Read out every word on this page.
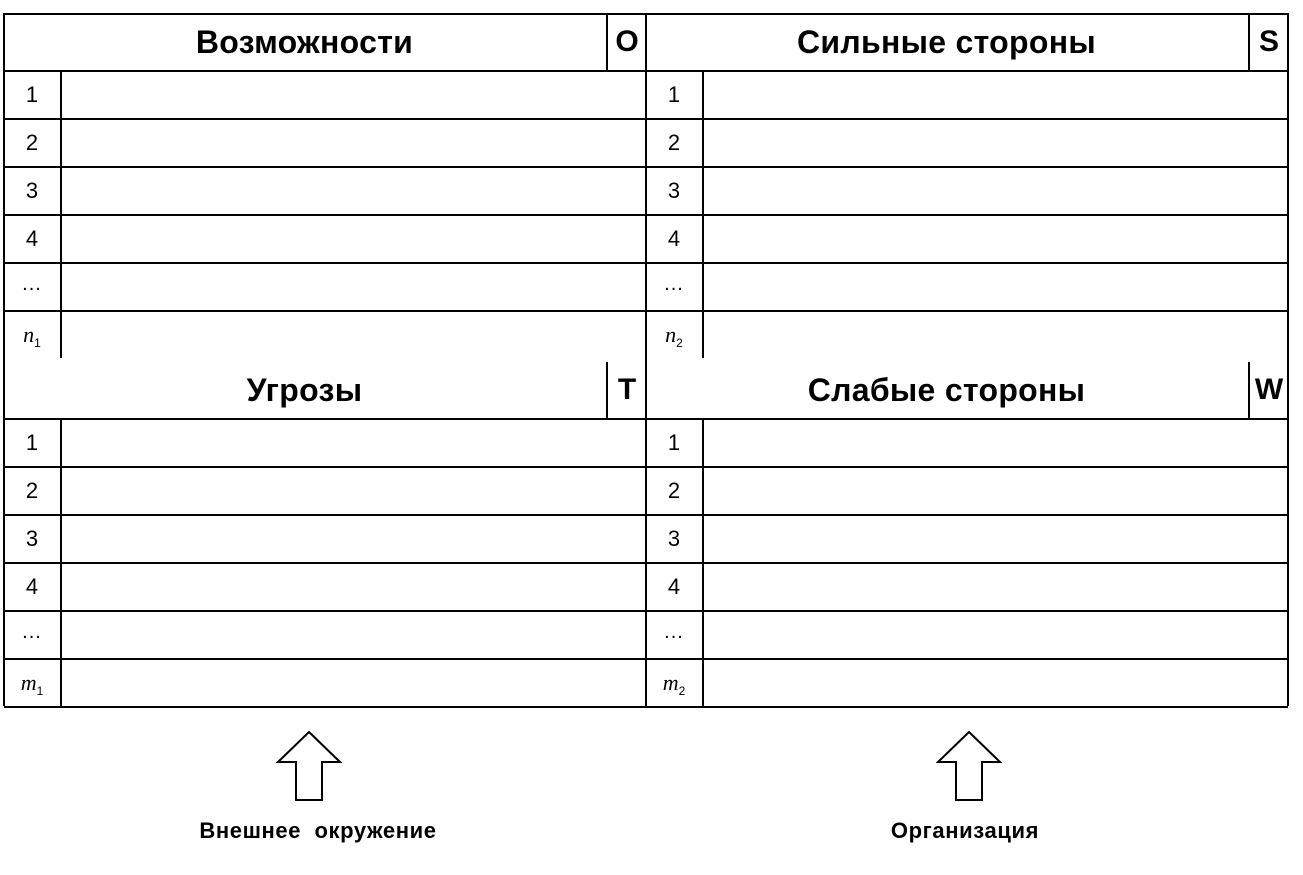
Возможности	O
1
2
3
4
...
$n_1$
Сильные стороны	S
1
2
3
4
...
$n_2$
Угрозы	T
1
2
3
4
...
$m_1$
Слабые стороны	W
1
2
3
4
...
$m_2$
Внешнее  окружение	Организация
